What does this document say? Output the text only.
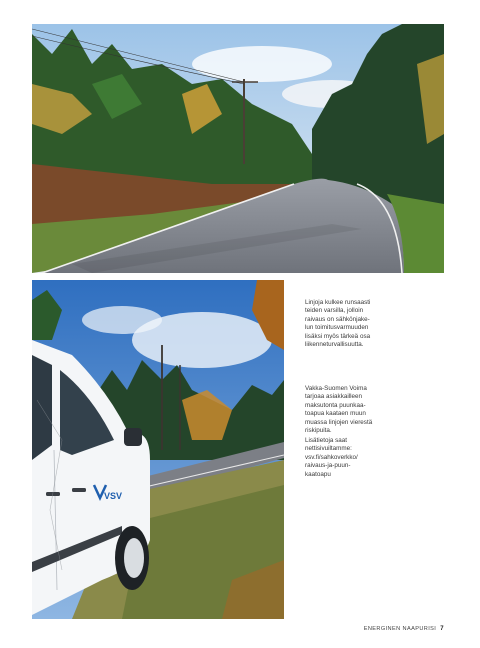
VSV

Linjoja kulkee runsaasti
teiden varsilla, jolloin
raivaus on sähkönjake-
lun toimitusvarmuuden
lisäksi myös tärkeä osa
liikenneturvallisuutta.

Vakka-Suomen Voima
tarjoaa asiakkailleen
maksutonta puunkaa-
toapua kaataen muun
muassa linjojen vierestä
riskipuita.

Lisätietoja saat
nettisivuiltamme:
vsv.fi/sahkoverkko/
raivaus-ja-puun-
kaatoapu

ENERGINEN NAAPURISI 7
